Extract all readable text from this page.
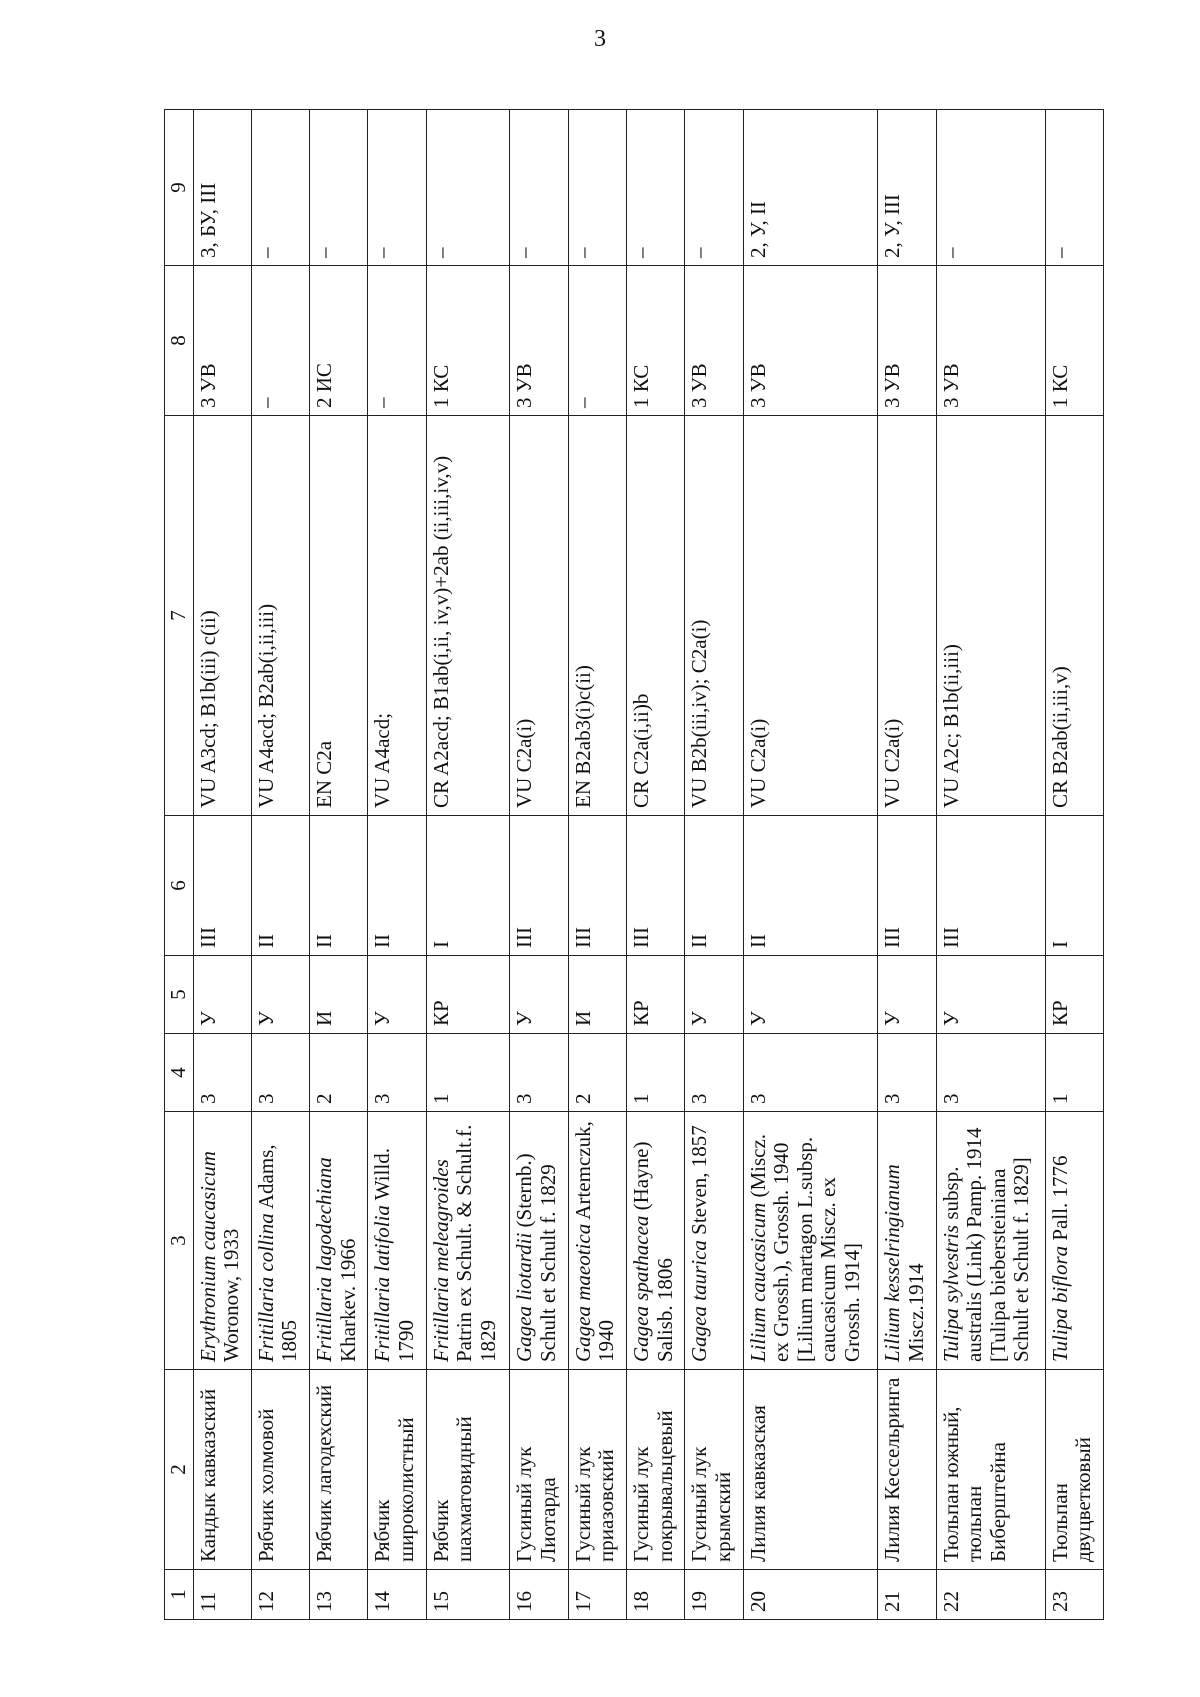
3
1	2	3	4	5	6	7	8	9
11	Кандык кавказский	Erythronium caucasicum Woronow, 1933	3	У	III	VU A3cd; B1b(iii) c(ii)	3 УВ	3, БУ, III
12	Рябчик холмовой	Fritillaria collina Adams, 1805	3	У	II	VU A4acd; B2ab(i,ii,iii)	–	–
13	Рябчик лагодехский	Fritillaria lagodechiana Kharkev. 1966	2	И	II	EN C2a	2 ИС	–
14	Рябчик широколистный	Fritillaria latifolia Willd. 1790	3	У	II	VU A4acd;	–	–
15	Рябчик шахматовидный	Fritillaria meleagroides Patrin ex Schult. & Schult.f. 1829	1	КР	I	CR A2acd; B1ab(i,ii, iv,v)+2ab (ii,iii,iv,v)	1 КС	–
16	Гусиный лук Лиотарда	Gagea liotardii (Sternb.) Schult et Schult f. 1829	3	У	III	VU C2a(i)	3 УВ	–
17	Гусиный лук приазовский	Gagea maeotica Artemczuk, 1940	2	И	III	EN B2ab3(i)c(ii)	–	–
18	Гусиный лук покрывальцевый	Gagea spathacea (Hayne) Salisb. 1806	1	КР	III	CR C2a(i,ii)b	1 КС	–
19	Гусиный лук крымский	Gagea taurica Steven, 1857	3	У	II	VU B2b(iii,iv); C2a(i)	3 УВ	–
20	Лилия кавказская	Lilium caucasicum (Miscz. ex Grossh.), Grossh. 1940 [Lilium martagon L.subsp. caucasicum Miscz. ex Grossh. 1914]	3	У	II	VU C2a(i)	3 УВ	2, У, II
21	Лилия Кессельринга	Lilium kesselringianum Miscz.1914	3	У	III	VU C2a(i)	3 УВ	2, У, III
22	Тюльпан южный, тюльпан Биберштейна	Tulipa sylvestris subsp. australis (Link) Pamp. 1914 [Tulipa biebersteiniana Schult et Schult f. 1829]	3	У	III	VU A2c; B1b(ii,iii)	3 УВ	–
23	Тюльпан двуцветковый	Tulipa biflora Pall. 1776	1	КР	I	CR B2ab(ii,iii,v)	1 КС	–
